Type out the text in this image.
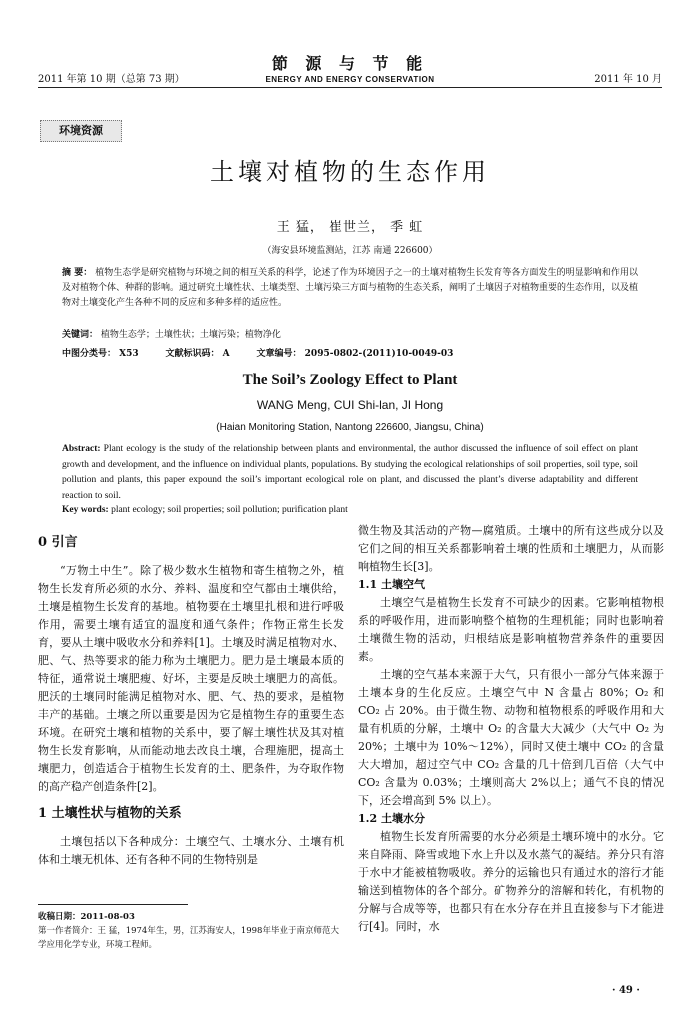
2011 年第 10 期（总第 73 期）
節 源 与 节 能
ENERGY AND ENERGY CONSERVATION	2011 年 10 月
环境资源
土壤对植物的生态作用
王 猛， 崔世兰， 季 虹
（海安县环境监测站，江苏 南通 226600）
摘 要： 植物生态学是研究植物与环境之间的相互关系的科学，论述了作为环境因子之一的土壤对植物生长发育等各方面发生的明显影响和作用以及对植物个体、种群的影响。通过研究土壤性状、土壤类型、土壤污染三方面与植物的生态关系，阐明了土壤因子对植物重要的生态作用，以及植物对土壤变化产生各种不同的反应和多种多样的适应性。
关键词： 植物生态学；土壤性状；土壤污染；植物净化
中图分类号： X53	文献标识码： A	文章编号： 2095-0802-(2011)10-0049-03
The Soil’s Zoology Effect to Plant
WANG Meng, CUI Shi-lan, JI Hong
(Haian Monitoring Station, Nantong 226600, Jiangsu, China)
Abstract: Plant ecology is the study of the relationship between plants and environmental, the author discussed the influence of soil effect on plant growth and development, and the influence on individual plants, populations. By studying the ecological relationships of soil properties, soil type, soil pollution and plants, this paper expound the soil’s important ecological role on plant, and discussed the plant’s diverse adaptability and different reaction to soil.
Key words: plant ecology; soil properties; soil pollution; purification plant

0 引言

“万物土中生”。除了极少数水生植物和寄生植物之外，植物生长发育所必须的水分、养料、温度和空气都由土壤供给，土壤是植物生长发育的基地。植物要在土壤里扎根和进行呼吸作用，需要土壤有适宜的温度和通气条件；作物正常生长发育，要从土壤中吸收水分和养料[1]。土壤及时满足植物对水、肥、气、热等要求的能力称为土壤肥力。肥力是土壤最本质的特征，通常说土壤肥瘦、好坏，主要是反映土壤肥力的高低。肥沃的土壤同时能满足植物对水、肥、气、热的要求，是植物丰产的基础。土壤之所以重要是因为它是植物生存的重要生态环境。在研究土壤和植物的关系中，要了解土壤性状及其对植物生长发育影响，从而能动地去改良土壤，合理施肥，提高土壤肥力，创造适合于植物生长发育的土、肥条件，为夺取作物的高产稳产创造条件[2]。

1 土壤性状与植物的关系

土壤包括以下各种成分：土壤空气、土壤水分、土壤有机体和土壤无机体、还有各种不同的生物特别是

微生物及其活动的产物—腐殖质。土壤中的所有这些成分以及它们之间的相互关系都影响着土壤的性质和土壤肥力，从而影响植物生长[3]。

1.1 土壤空气

土壤空气是植物生长发育不可缺少的因素。它影响植物根系的呼吸作用，进而影响整个植物的生理机能；同时也影响着土壤微生物的活动，归根结底是影响植物营养条件的重要因素。

土壤的空气基本来源于大气，只有很小一部分气体来源于土壤本身的生化反应。土壤空气中 N 含量占 80%；O₂ 和 CO₂ 占 20%。由于微生物、动物和植物根系的呼吸作用和大量有机质的分解，土壤中 O₂ 的含量大大减少（大气中 O₂ 为 20%；土壤中为 10%～12%），同时又使土壤中 CO₂ 的含量大大增加，超过空气中 CO₂ 含量的几十倍到几百倍（大气中 CO₂ 含量为 0.03%；土壤则高大 2%以上；通气不良的情况下，还会增高到 5% 以上）。

1.2 土壤水分

植物生长发育所需要的水分必须是土壤环境中的水分。它来自降雨、降雪或地下水上升以及水蒸气的凝结。养分只有溶于水中才能被植物吸收。养分的运输也只有通过水的溶行才能输送到植物体的各个部分。矿物养分的溶解和转化，有机物的分解与合成等等，也都只有在水分存在并且直接参与下才能进行[4]。同时，水

收稿日期：2011-08-03
第一作者简介：王 猛，1974年生，男，江苏海安人，1998年毕业于南京师范大学应用化学专业，环境工程师。
· 49 ·
